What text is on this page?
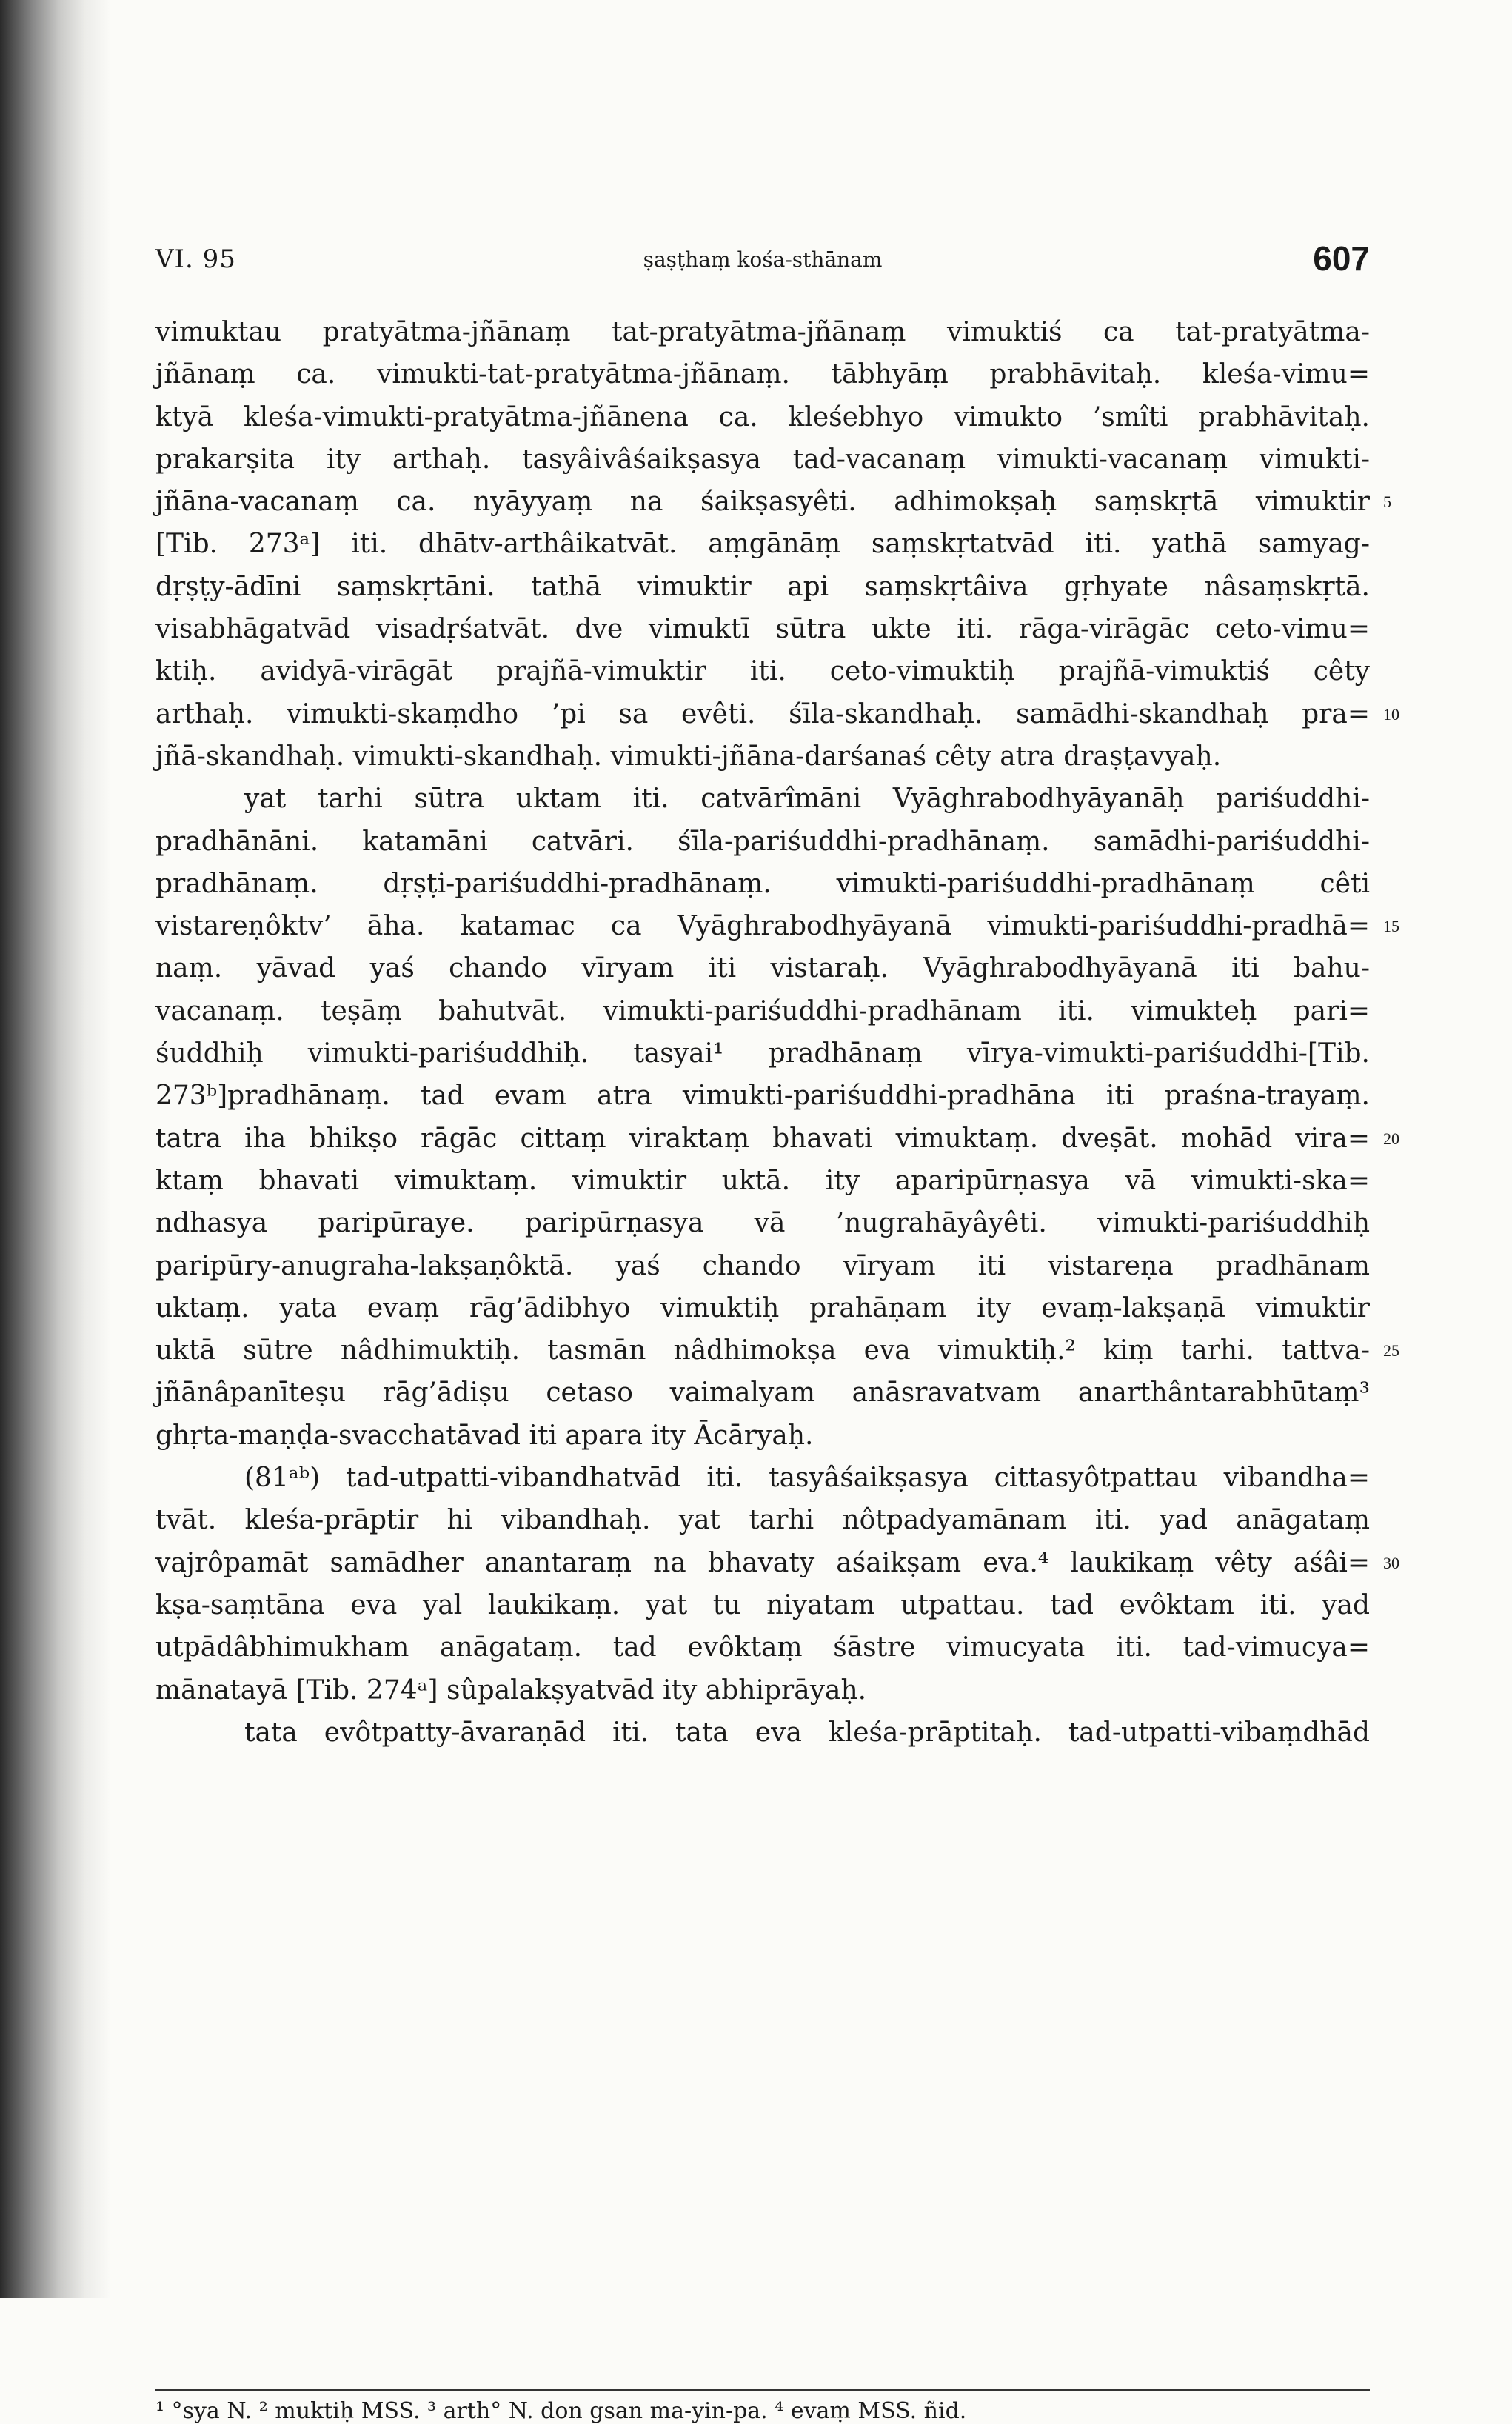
VI. 95	ṣaṣṭhaṃ kośa-sthānam	607
vimuktau pratyātma-jñānaṃ tat-pratyātma-jñānaṃ vimuktiś ca tat-pratyātma-
jñānaṃ ca. vimukti-tat-pratyātma-jñānaṃ. tābhyāṃ prabhāvitaḥ. kleśa-vimu=
ktyā kleśa-vimukti-pratyātma-jñānena ca. kleśebhyo vimukto ’smîti prabhāvitaḥ.
prakarṣita ity arthaḥ. tasyâivâśaikṣasya tad-vacanaṃ vimukti-vacanaṃ vimukti-
jñāna-vacanaṃ ca. nyāyyaṃ na śaikṣasyêti. adhimokṣaḥ saṃskṛtā vimuktir 5
[Tib. 273ᵃ] iti. dhātv-arthâikatvāt. aṃgānāṃ saṃskṛtatvād iti. yathā samyag-
dṛṣṭy-ādīni saṃskṛtāni. tathā vimuktir api saṃskṛtâiva gṛhyate nâsaṃskṛtā.
visabhāgatvād visadṛśatvāt. dve vimuktī sūtra ukte iti. rāga-virāgāc ceto-vimu=
ktiḥ. avidyā-virāgāt prajñā-vimuktir iti. ceto-vimuktiḥ prajñā-vimuktiś cêty
arthaḥ. vimukti-skaṃdho ’pi sa evêti. śīla-skandhaḥ. samādhi-skandhaḥ pra= 10
jñā-skandhaḥ. vimukti-skandhaḥ. vimukti-jñāna-darśanaś cêty atra draṣṭavyaḥ.
yat tarhi sūtra uktam iti. catvārîmāni Vyāghrabodhyāyanāḥ pariśuddhi-
pradhānāni. katamāni catvāri. śīla-pariśuddhi-pradhānaṃ. samādhi-pariśuddhi-
pradhānaṃ. dṛṣṭi-pariśuddhi-pradhānaṃ. vimukti-pariśuddhi-pradhānaṃ cêti
vistareṇôktv’ āha. katamac ca Vyāghrabodhyāyanā vimukti-pariśuddhi-pradhā= 15
naṃ. yāvad yaś chando vīryam iti vistaraḥ. Vyāghrabodhyāyanā iti bahu-
vacanaṃ. teṣāṃ bahutvāt. vimukti-pariśuddhi-pradhānam iti. vimukteḥ pari=
śuddhiḥ vimukti-pariśuddhiḥ. tasyai¹ pradhānaṃ vīrya-vimukti-pariśuddhi-[Tib.
273ᵇ]pradhānaṃ. tad evam atra vimukti-pariśuddhi-pradhāna iti praśna-trayaṃ.
tatra iha bhikṣo rāgāc cittaṃ viraktaṃ bhavati vimuktaṃ. dveṣāt. mohād vira= 20
ktaṃ bhavati vimuktaṃ. vimuktir uktā. ity aparipūrṇasya vā vimukti-ska=
ndhasya paripūraye. paripūrṇasya vā ’nugrahāyâyêti. vimukti-pariśuddhiḥ
paripūry-anugraha-lakṣaṇôktā. yaś chando vīryam iti vistareṇa pradhānam
uktaṃ. yata evaṃ rāg’ādibhyo vimuktiḥ prahāṇam ity evaṃ-lakṣaṇā vimuktir
uktā sūtre nâdhimuktiḥ. tasmān nâdhimokṣa eva vimuktiḥ.² kiṃ tarhi. tattva- 25
jñānâpanīteṣu rāg’ādiṣu cetaso vaimalyam anāsravatvam anarthântarabhūtaṃ³
ghṛta-maṇḍa-svacchatāvad iti apara ity Ācāryaḥ.
(81ᵃᵇ) tad-utpatti-vibandhatvād iti. tasyâśaikṣasya cittasyôtpattau vibandha=
tvāt. kleśa-prāptir hi vibandhaḥ. yat tarhi nôtpadyamānam iti. yad anāgataṃ
vajrôpamāt samādher anantaraṃ na bhavaty aśaikṣam eva.⁴ laukikaṃ vêty aśâi= 30
kṣa-saṃtāna eva yal laukikaṃ. yat tu niyatam utpattau. tad evôktam iti. yad
utpādâbhimukham anāgataṃ. tad evôktaṃ śāstre vimucyata iti. tad-vimucya=
mānatayā [Tib. 274ᵃ] sûpalakṣyatvād ity abhiprāyaḥ.
tata evôtpatty-āvaraṇād iti. tata eva kleśa-prāptitaḥ. tad-utpatti-vibaṃdhād
¹ °sya N. ² muktiḥ MSS. ³ arth° N. don gsan ma-yin-pa. ⁴ evaṃ MSS. ñid.
